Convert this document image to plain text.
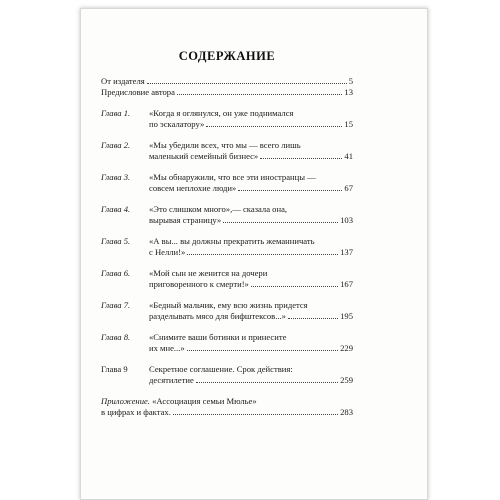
СОДЕРЖАНИЕ
От издателя	5
Предисловие автора	13
Глава 1.	«Когда я оглянулся, он уже поднимался
по эскалатору»	15
Глава 2.	«Мы убедили всех, что мы — всего лишь
маленький семейный бизнес»	41
Глава 3.	«Мы обнаружили, что все эти иностранцы —
совсем неплохие люди»	67
Глава 4.	«Это слишком много»,— сказала она,
вырывая страницу»	103
Глава 5.	«А вы... вы должны прекратить жеманничать
с Нелли!»	137
Глава 6.	«Мой сын не женится на дочери
приговоренного к смерти!»	167
Глава 7.	«Бедный мальчик, ему всю жизнь придется
разделывать мясо для бифштексов...»	195
Глава 8.	«Снимите ваши ботинки и принесите
их мне...»	229
Глава 9	Секретное соглашение. Срок действия:
десятилетие	259
Приложение. «Ассоциация семьи Мюлье»
в цифрах и фактах.	283
